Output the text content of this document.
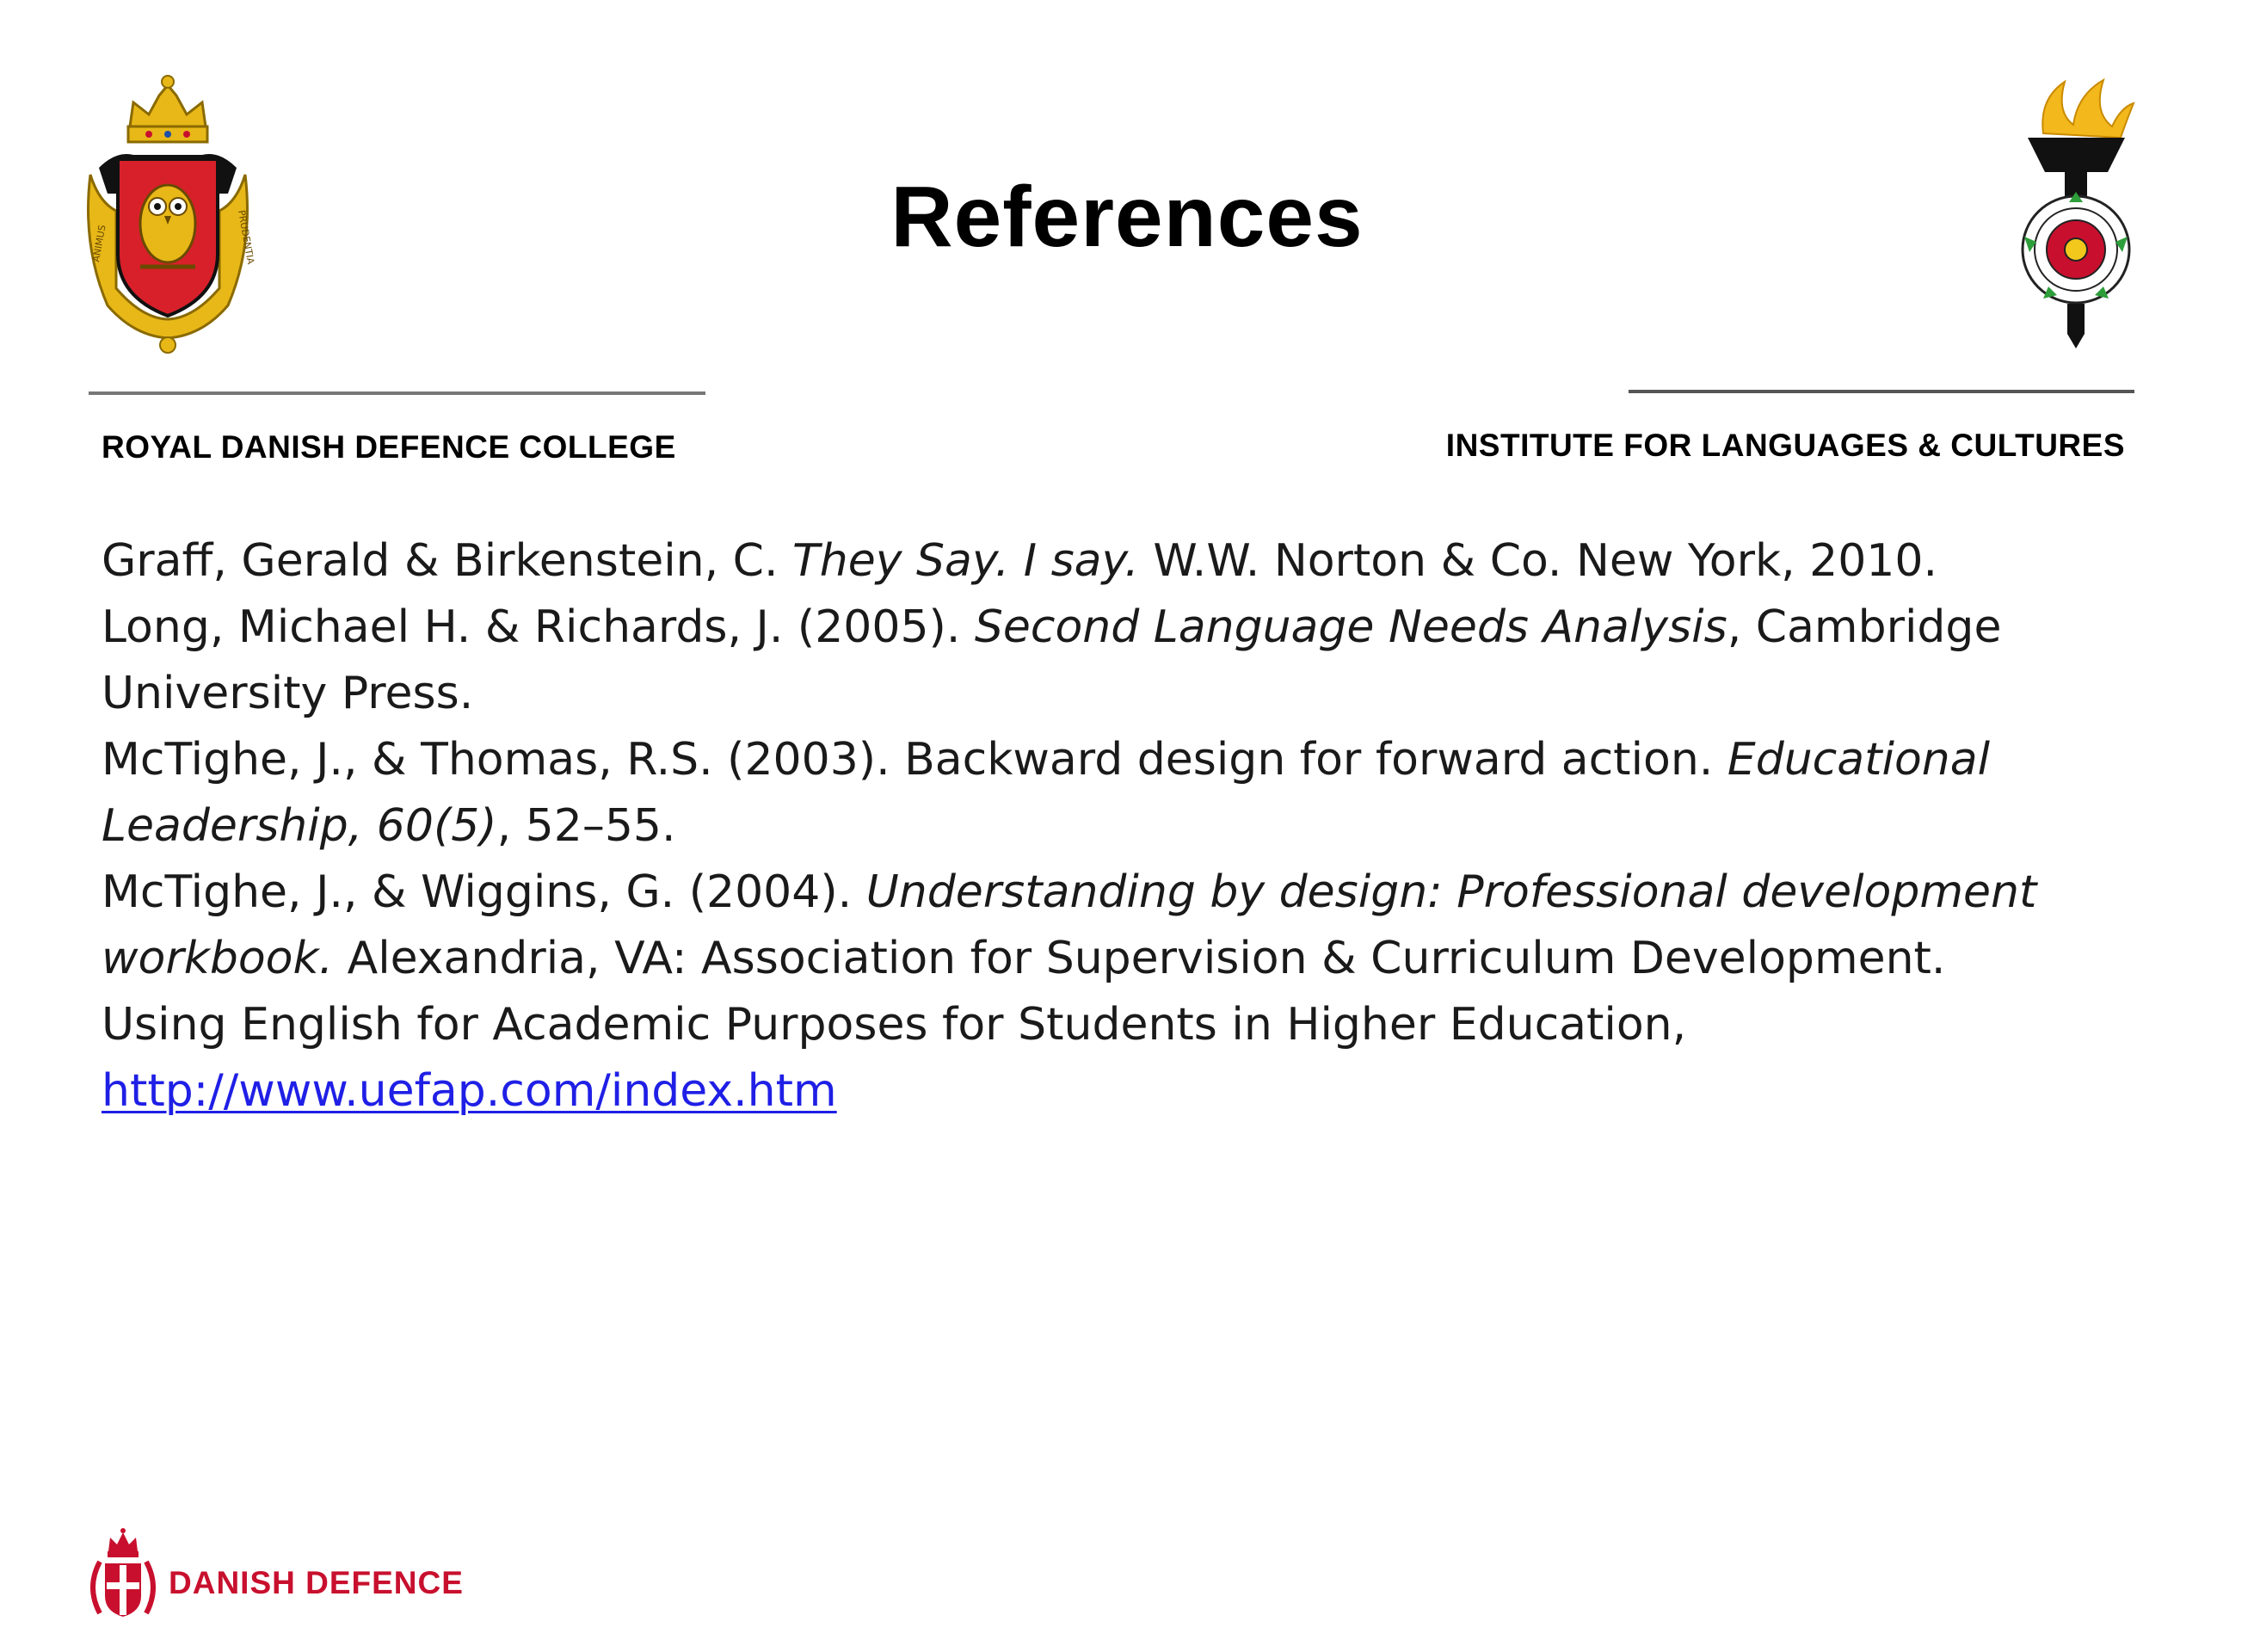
ANIMUS	PRUDENTIA	References
ROYAL DANISH DEFENCE COLLEGE	INSTITUTE FOR LANGUAGES & CULTURES

Graff, Gerald & Birkenstein, C. They Say. I say. W.W. Norton & Co. New York, 2010.

Long, Michael H. & Richards, J. (2005). Second Language Needs Analysis, Cambridge University Press.

McTighe, J., & Thomas, R.S. (2003). Backward design for forward action. Educational Leadership, 60(5), 52–55.

McTighe, J., & Wiggins, G. (2004). Understanding by design: Professional development workbook. Alexandria, VA: Association for Supervision & Curriculum Development.

Using English for Academic Purposes for Students in Higher Education, http://www.uefap.com/index.htm

DANISH DEFENCE
